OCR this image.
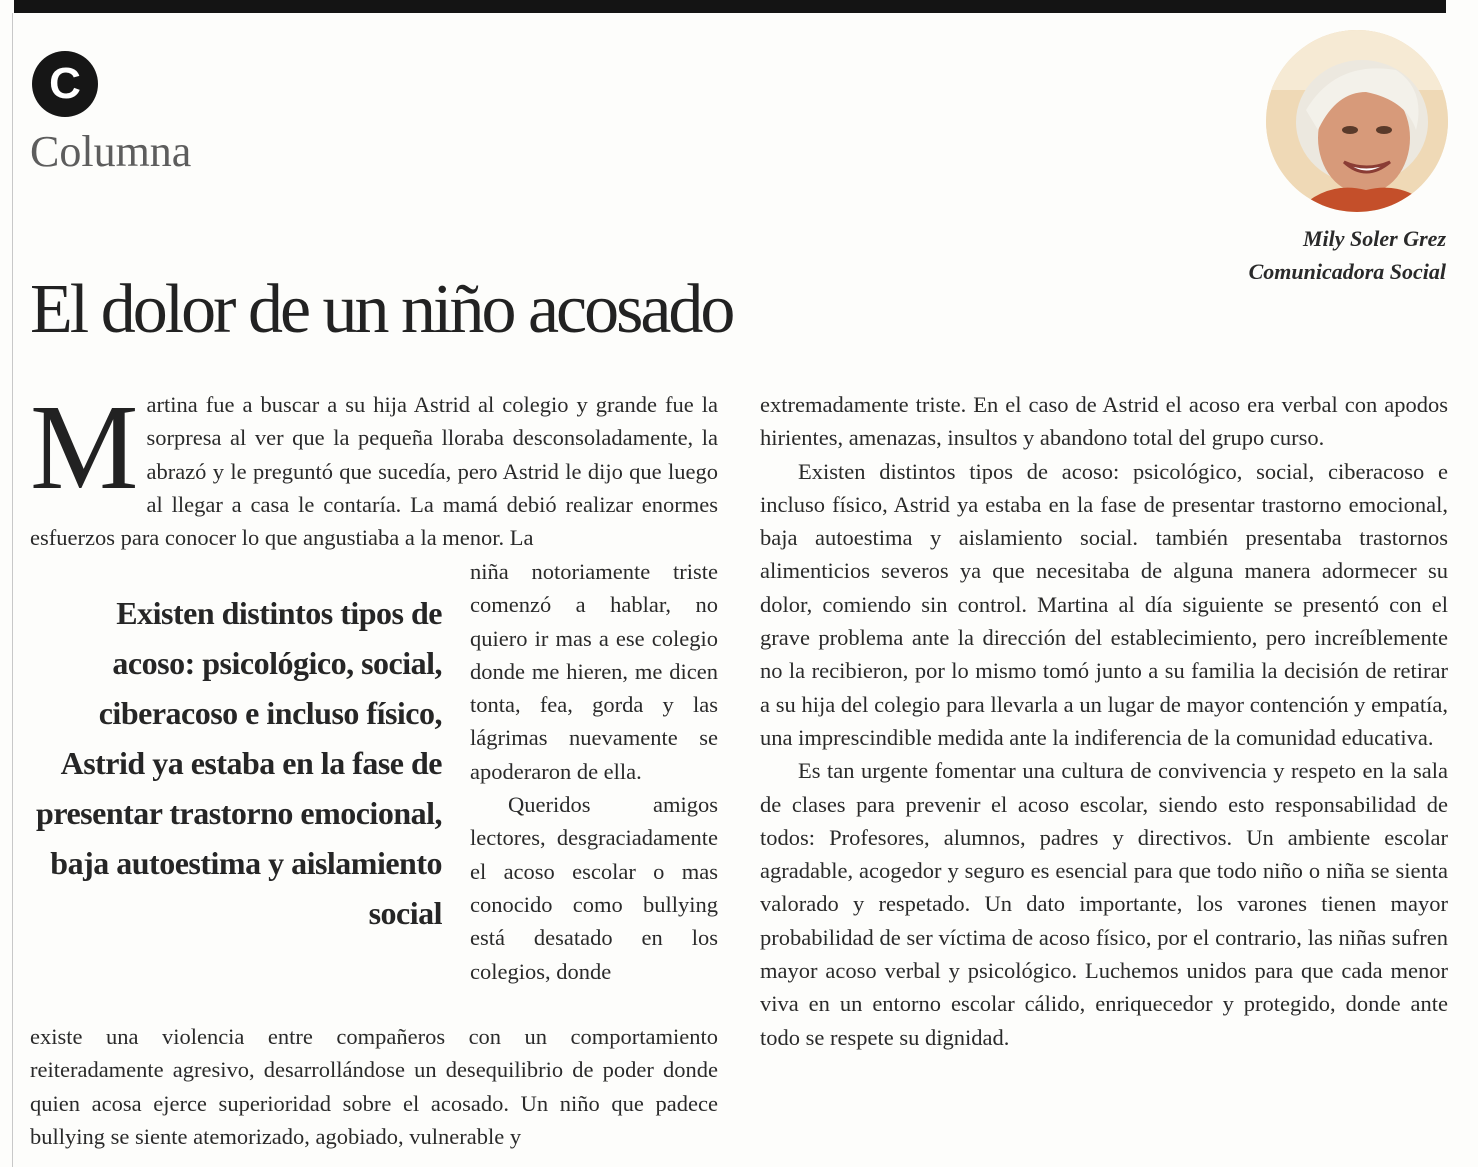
C
Columna
Mily Soler Grez
Comunicadora Social
El dolor de un niño acosado
M artina fue a buscar a su hija Astrid al colegio y grande fue la sorpresa al ver que la pequeña lloraba desconsoladamente, la abrazó y le preguntó que sucedía, pero Astrid le dijo que luego al llegar a casa le contaría. La mamá debió realizar enormes esfuerzos para conocer lo que angustiaba a la menor. La

Existen distintos tipos de acoso: psicológico, social, ciberacoso e incluso físico, Astrid ya estaba en la fase de presentar trastorno emocional, baja autoestima y aislamiento social

niña notoriamente triste comenzó a hablar, no quiero ir mas a ese colegio donde me hieren, me dicen tonta, fea, gorda y las lágrimas nuevamente se apoderaron de ella.

Queridos amigos lectores, desgraciadamente el acoso escolar o mas conocido como bullying está desatado en los colegios, donde

existe una violencia entre compañeros con un comportamiento reiteradamente agresivo, desarrollándose un desequilibrio de poder donde quien acosa ejerce superioridad sobre el acosado. Un niño que padece bullying se siente atemorizado, agobiado, vulnerable y

extremadamente triste. En el caso de Astrid el acoso era verbal con apodos hirientes, amenazas, insultos y abandono total del grupo curso.

Existen distintos tipos de acoso: psicológico, social, ciberacoso e incluso físico, Astrid ya estaba en la fase de presentar trastorno emocional, baja autoestima y aislamiento social. también presentaba trastornos alimenticios severos ya que necesitaba de alguna manera adormecer su dolor, comiendo sin control. Martina al día siguiente se presentó con el grave problema ante la dirección del establecimiento, pero increíblemente no la recibieron, por lo mismo tomó junto a su familia la decisión de retirar a su hija del colegio para llevarla a un lugar de mayor contención y empatía, una imprescindible medida ante la indiferencia de la comunidad educativa.

Es tan urgente fomentar una cultura de convivencia y respeto en la sala de clases para prevenir el acoso escolar, siendo esto responsabilidad de todos: Profesores, alumnos, padres y directivos. Un ambiente escolar agradable, acogedor y seguro es esencial para que todo niño o niña se sienta valorado y respetado. Un dato importante, los varones tienen mayor probabilidad de ser víctima de acoso físico, por el contrario, las niñas sufren mayor acoso verbal y psicológico. Luchemos unidos para que cada menor viva en un entorno escolar cálido, enriquecedor y protegido, donde ante todo se respete su dignidad.
